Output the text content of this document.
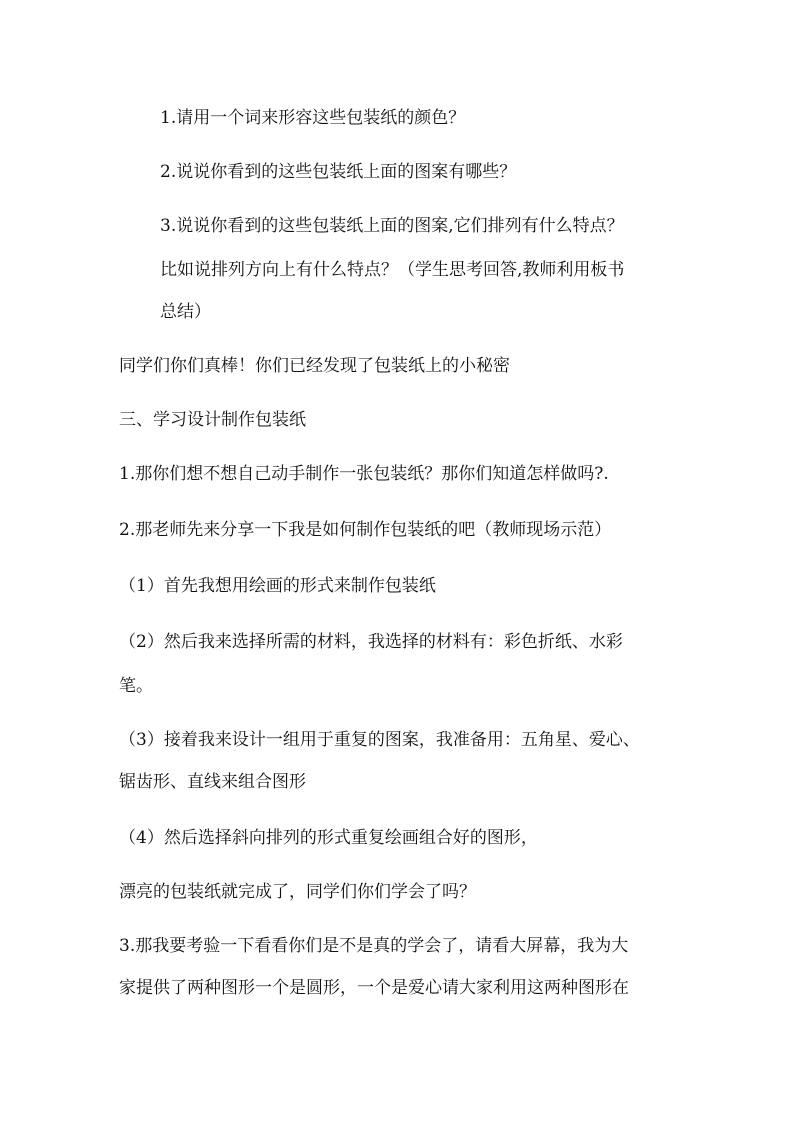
1.请用一个词来形容这些包装纸的颜色？

2.说说你看到的这些包装纸上面的图案有哪些？

3.说说你看到的这些包装纸上面的图案,它们排列有什么特点？

比如说排列方向上有什么特点？（学生思考回答,教师利用板书

总结）

同学们你们真棒！你们已经发现了包装纸上的小秘密

三、学习设计制作包装纸

1.那你们想不想自己动手制作一张包装纸？那你们知道怎样做吗?.

2.那老师先来分享一下我是如何制作包装纸的吧（教师现场示范）

（1）首先我想用绘画的形式来制作包装纸

（2）然后我来选择所需的材料，我选择的材料有：彩色折纸、水彩

笔。

（3）接着我来设计一组用于重复的图案，我准备用：五角星、爱心、

锯齿形、直线来组合图形

（4）然后选择斜向排列的形式重复绘画组合好的图形，

漂亮的包装纸就完成了，同学们你们学会了吗？

3.那我要考验一下看看你们是不是真的学会了，请看大屏幕，我为大

家提供了两种图形一个是圆形，一个是爱心请大家利用这两种图形在
